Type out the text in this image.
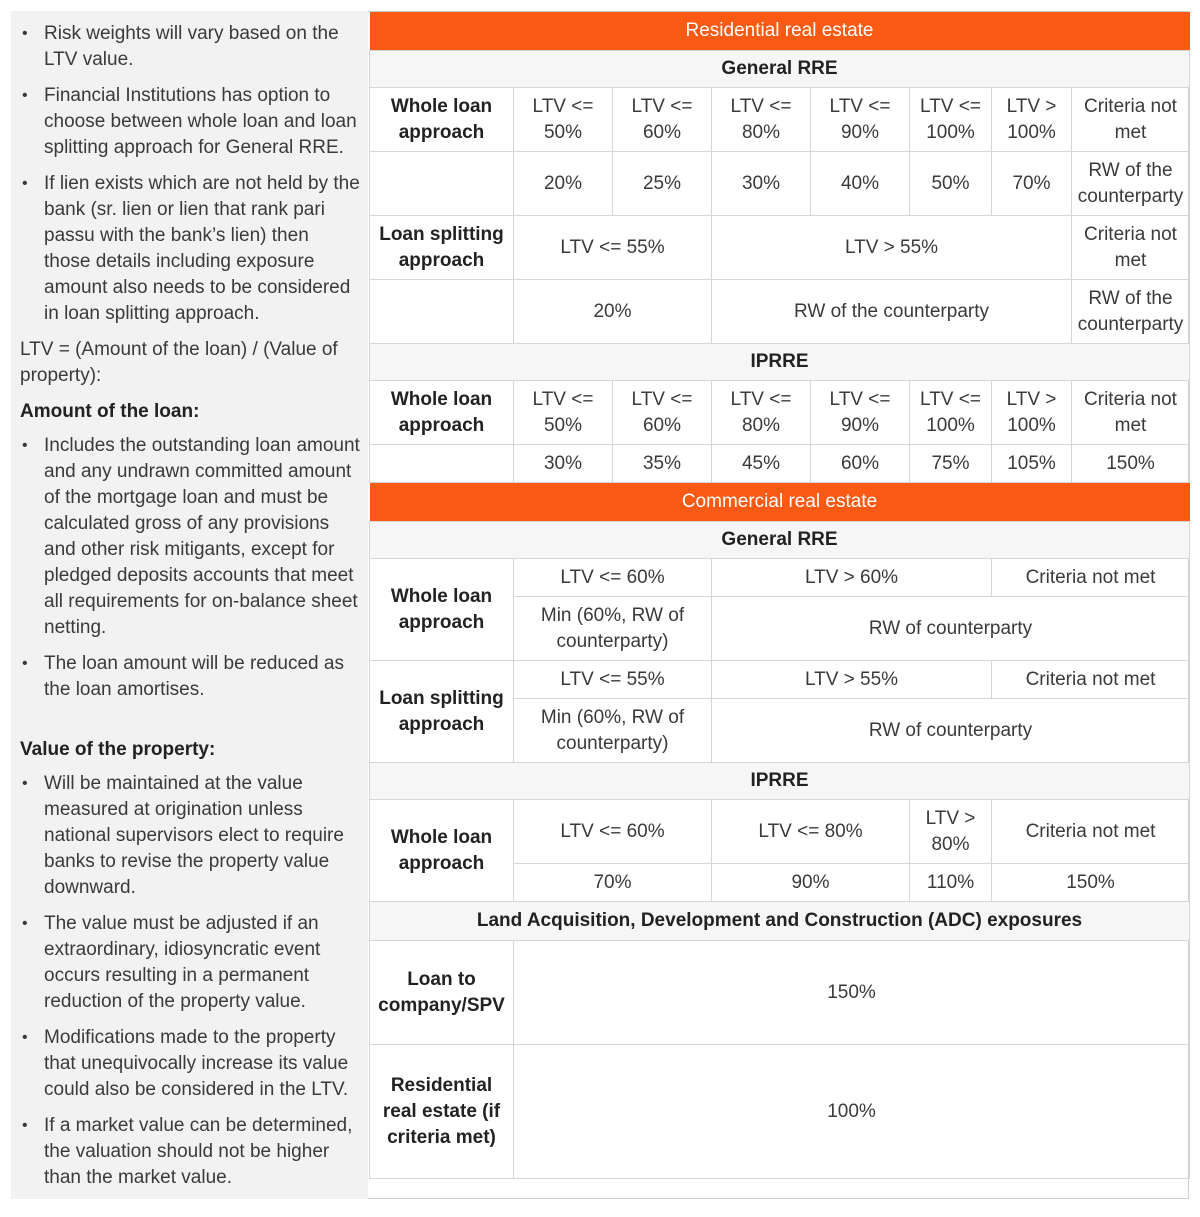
• Risk weights will vary based on the LTV value.
• Financial Institutions has option to choose between whole loan and loan splitting approach for General RRE.
• If lien exists which are not held by the bank (sr. lien or lien that rank pari passu with the bank’s lien) then those details including exposure amount also needs to be considered in loan splitting approach.

LTV = (Amount of the loan) / (Value of property):

Amount of the loan:
• Includes the outstanding loan amount and any undrawn committed amount of the mortgage loan and must be calculated gross of any provisions and other risk mitigants, except for pledged deposits accounts that meet all requirements for on-balance sheet netting.
• The loan amount will be reduced as the loan amortises.
Value of the property:
• Will be maintained at the value measured at origination unless national supervisors elect to require banks to revise the property value downward.
• The value must be adjusted if an extraordinary, idiosyncratic event occurs resulting in a permanent reduction of the property value.
• Modifications made to the property that unequivocally increase its value could also be considered in the LTV.
• If a market value can be determined, the valuation should not be higher than the market value.
Residential real estate							
General RRE							
Whole loan approach	LTV <= 50%	LTV <= 60%	LTV <= 80%	LTV <= 90%	LTV <= 100%	LTV > 100%	Criteria not met
	20%	25%	30%	40%	50%	70%	RW of the counterparty
Loan splitting approach	LTV <= 55%		LTV > 55%				Criteria not met
	20%		RW of the counterparty				RW of the counterparty
IPRRE							
Whole loan approach	LTV <= 50%	LTV <= 60%	LTV <= 80%	LTV <= 90%	LTV <= 100%	LTV > 100%	Criteria not met
	30%	35%	45%	60%	75%	105%	150%
Commercial real estate							
General RRE							
Whole loan approach	LTV <= 60%		LTV > 60%			Criteria not met	
	Min (60%, RW of counterparty)		RW of counterparty				
Loan splitting approach	LTV <= 55%		LTV > 55%			Criteria not met	
	Min (60%, RW of counterparty)		RW of counterparty				
IPRRE							
Whole loan approach	LTV <= 60%		LTV <= 80%		LTV > 80%	Criteria not met	
	70%		90%		110%	150%	
Land Acquisition, Development and Construction (ADC) exposures							
Loan to company/SPV	150%						
Residential real estate (if criteria met)	100%						
